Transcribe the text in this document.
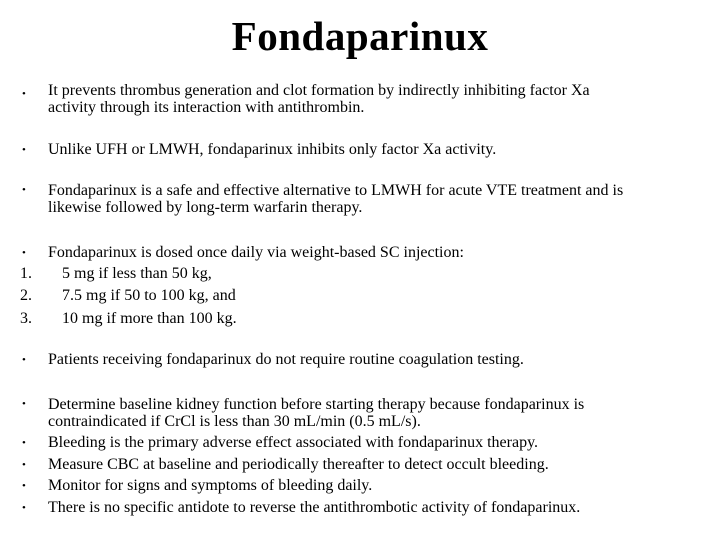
Fondaparinux
•	It prevents thrombus generation and clot formation by indirectly inhibiting factor Xa
activity through its interaction with antithrombin.
•	Unlike UFH or LMWH, fondaparinux inhibits only factor Xa activity.
•	Fondaparinux is a safe and effective alternative to LMWH for acute VTE treatment and is
likewise followed by long-term warfarin therapy.
•	Fondaparinux is dosed once daily via weight-based SC injection:
1.	5 mg if less than 50 kg,
2.	7.5 mg if 50 to 100 kg, and
3.	10 mg if more than 100 kg.
•	Patients receiving fondaparinux do not require routine coagulation testing.
•	Determine baseline kidney function before starting therapy because fondaparinux is
contraindicated if CrCl is less than 30 mL/min (0.5 mL/s).
•	Bleeding is the primary adverse effect associated with fondaparinux therapy.
•	Measure CBC at baseline and periodically thereafter to detect occult bleeding.
•	Monitor for signs and symptoms of bleeding daily.
•	There is no specific antidote to reverse the antithrombotic activity of fondaparinux.
